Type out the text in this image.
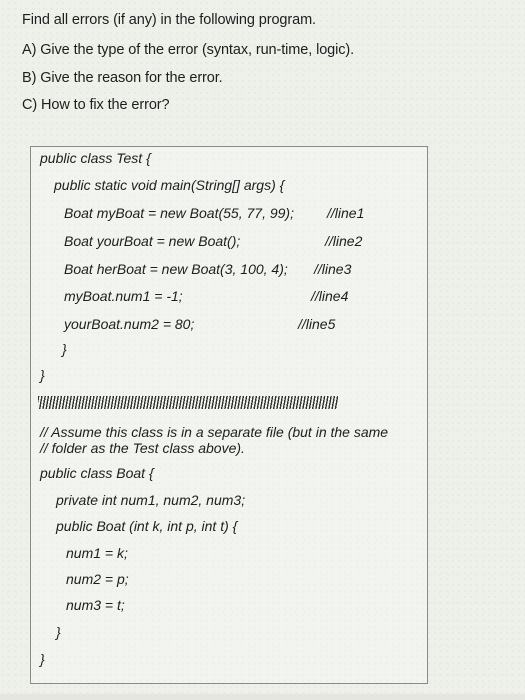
Find all errors (if any) in the following program.
A) Give the type of the error (syntax, run-time, logic).
B) Give the reason for the error.
C) How to fix the error?
public class Test {
public static void main(String[] args) {
Boat myBoat = new Boat(55, 77, 99); //line1
Boat yourBoat = new Boat();	//line2
Boat herBoat = new Boat(3, 100, 4); //line3
myBoat.num1 = -1;	//line4
yourBoat.num2 = 80;	//line5
}
}
// Assume this class is in a separate file (but in the same
// folder as the Test class above).
public class Boat {
private int num1, num2, num3;
public Boat (int k, int p, int t) {
num1 = k;
num2 = p;
num3 = t;
}
}
